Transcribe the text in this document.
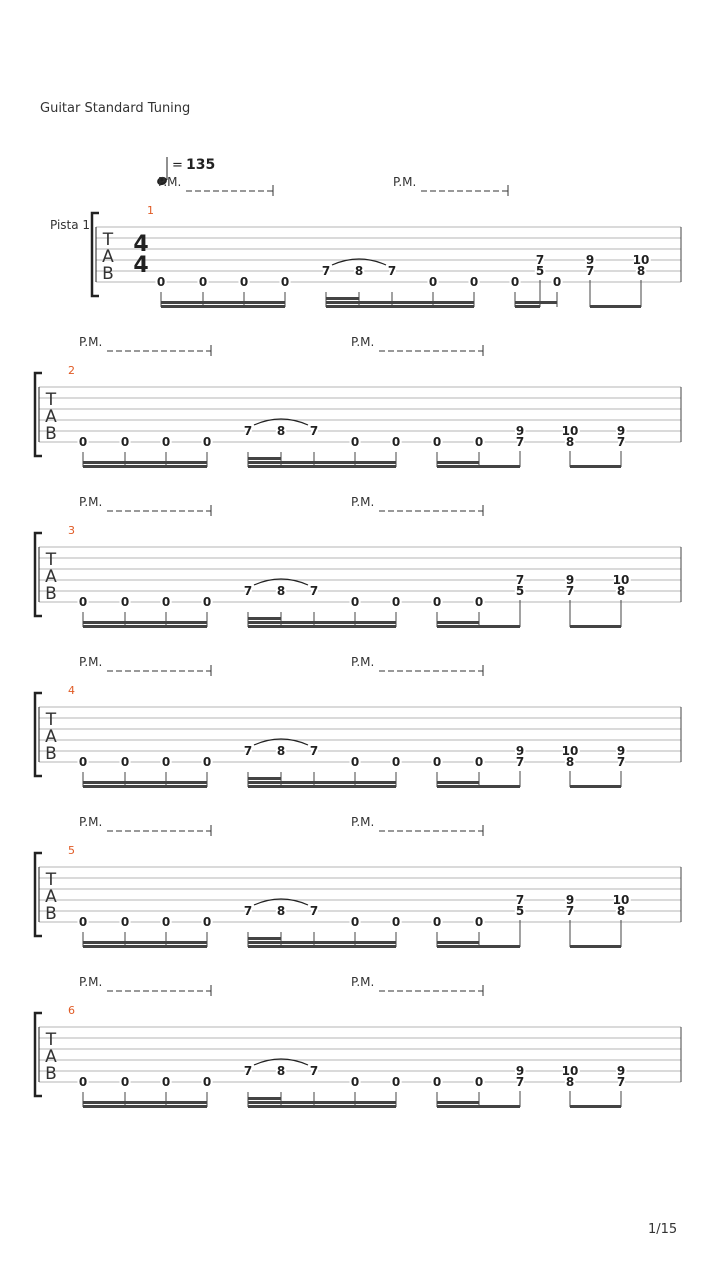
Guitar Standard Tuning
= 135
P.M.	P.M.
Pista 1
1
T
A
B
4
4
0	0	0	0
7 8 7
0	0	0	0
7
5
9
7
10
8
P.M.	P.M.
2
T
A
B 0	0	0	0
7 8 7
0	0	0	0
9
7
10
8
9
7
P.M.	P.M.
3
T
A
B 0	0	0	0
7 8 7
0	0	0	0
7
5
9
7
10
8
P.M.	P.M.
4
T
A
B 0	0	0	0
7 8 7
0	0	0	0
9
7
10
8
9
7
P.M.	P.M.
5
T
A
B 0	0	0	0
7 8 7
0	0	0	0
7
5
9
7
10
8
P.M.	P.M.
6
T
A
B 0	0	0	0
7 8 7
0	0	0	0
9
7
10
8
9
7
1/15
